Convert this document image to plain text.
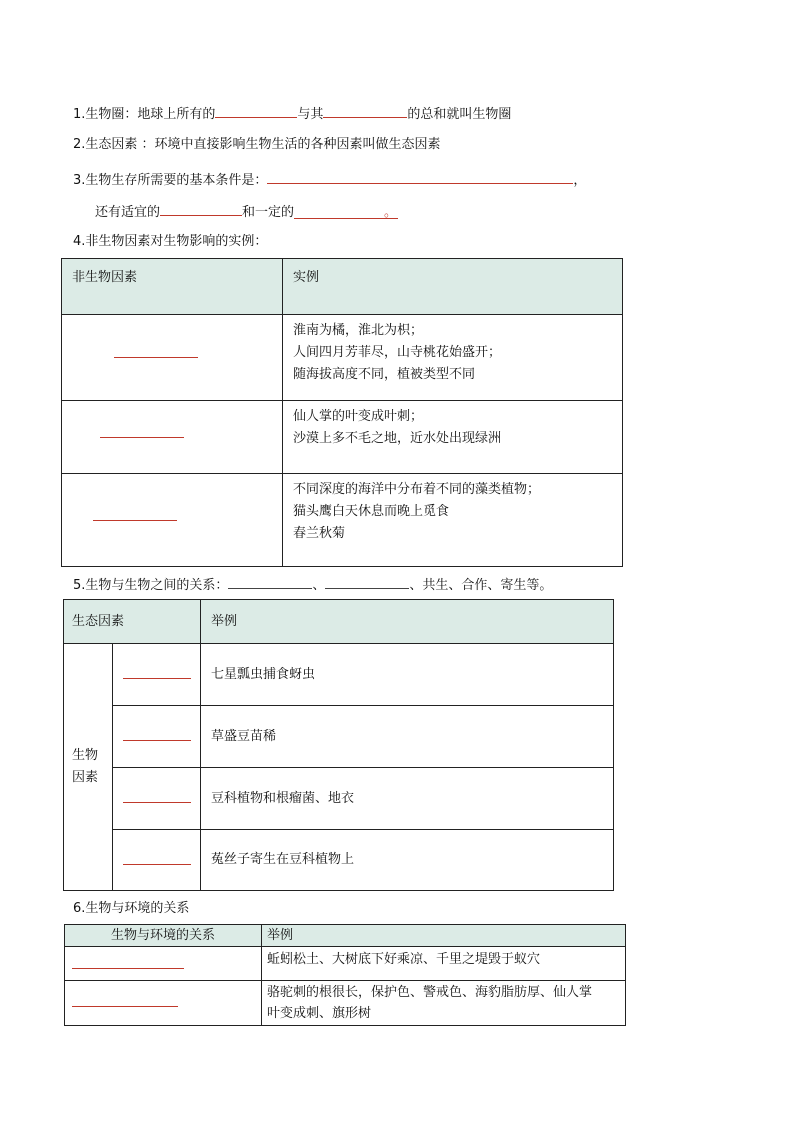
1.生物圈：地球上所有的	与其	的总和就叫生物圈
2.生态因素 ：环境中直接影响生物生活的各种因素叫做生态因素
3.生物生存所需要的基本条件是：	，
还有适宜的	和一定的	。
4.非生物因素对生物影响的实例：
非生物因素	实例

	淮南为橘，淮北为枳；
人间四月芳菲尽，山寺桃花始盛开；
随海拔高度不同，植被类型不同

	仙人掌的叶变成叶刺；
沙漠上多不毛之地，近水处出现绿洲

	不同深度的海洋中分布着不同的藻类植物；
猫头鹰白天休息而晚上觅食
春兰秋菊
5.生物与生物之间的关系：	、	、共生、合作、寄生等。
生态因素		举例

生物
因素		七星瓢虫捕食蚜虫

		草盛豆苗稀

		豆科植物和根瘤菌、地衣

		菟丝子寄生在豆科植物上
6.生物与环境的关系
生物与环境的关系	举例

	蚯蚓松土、大树底下好乘凉、千里之堤毁于蚁穴

	骆驼刺的根很长，保护色、警戒色、海豹脂肪厚、仙人掌
叶变成刺、旗形树
